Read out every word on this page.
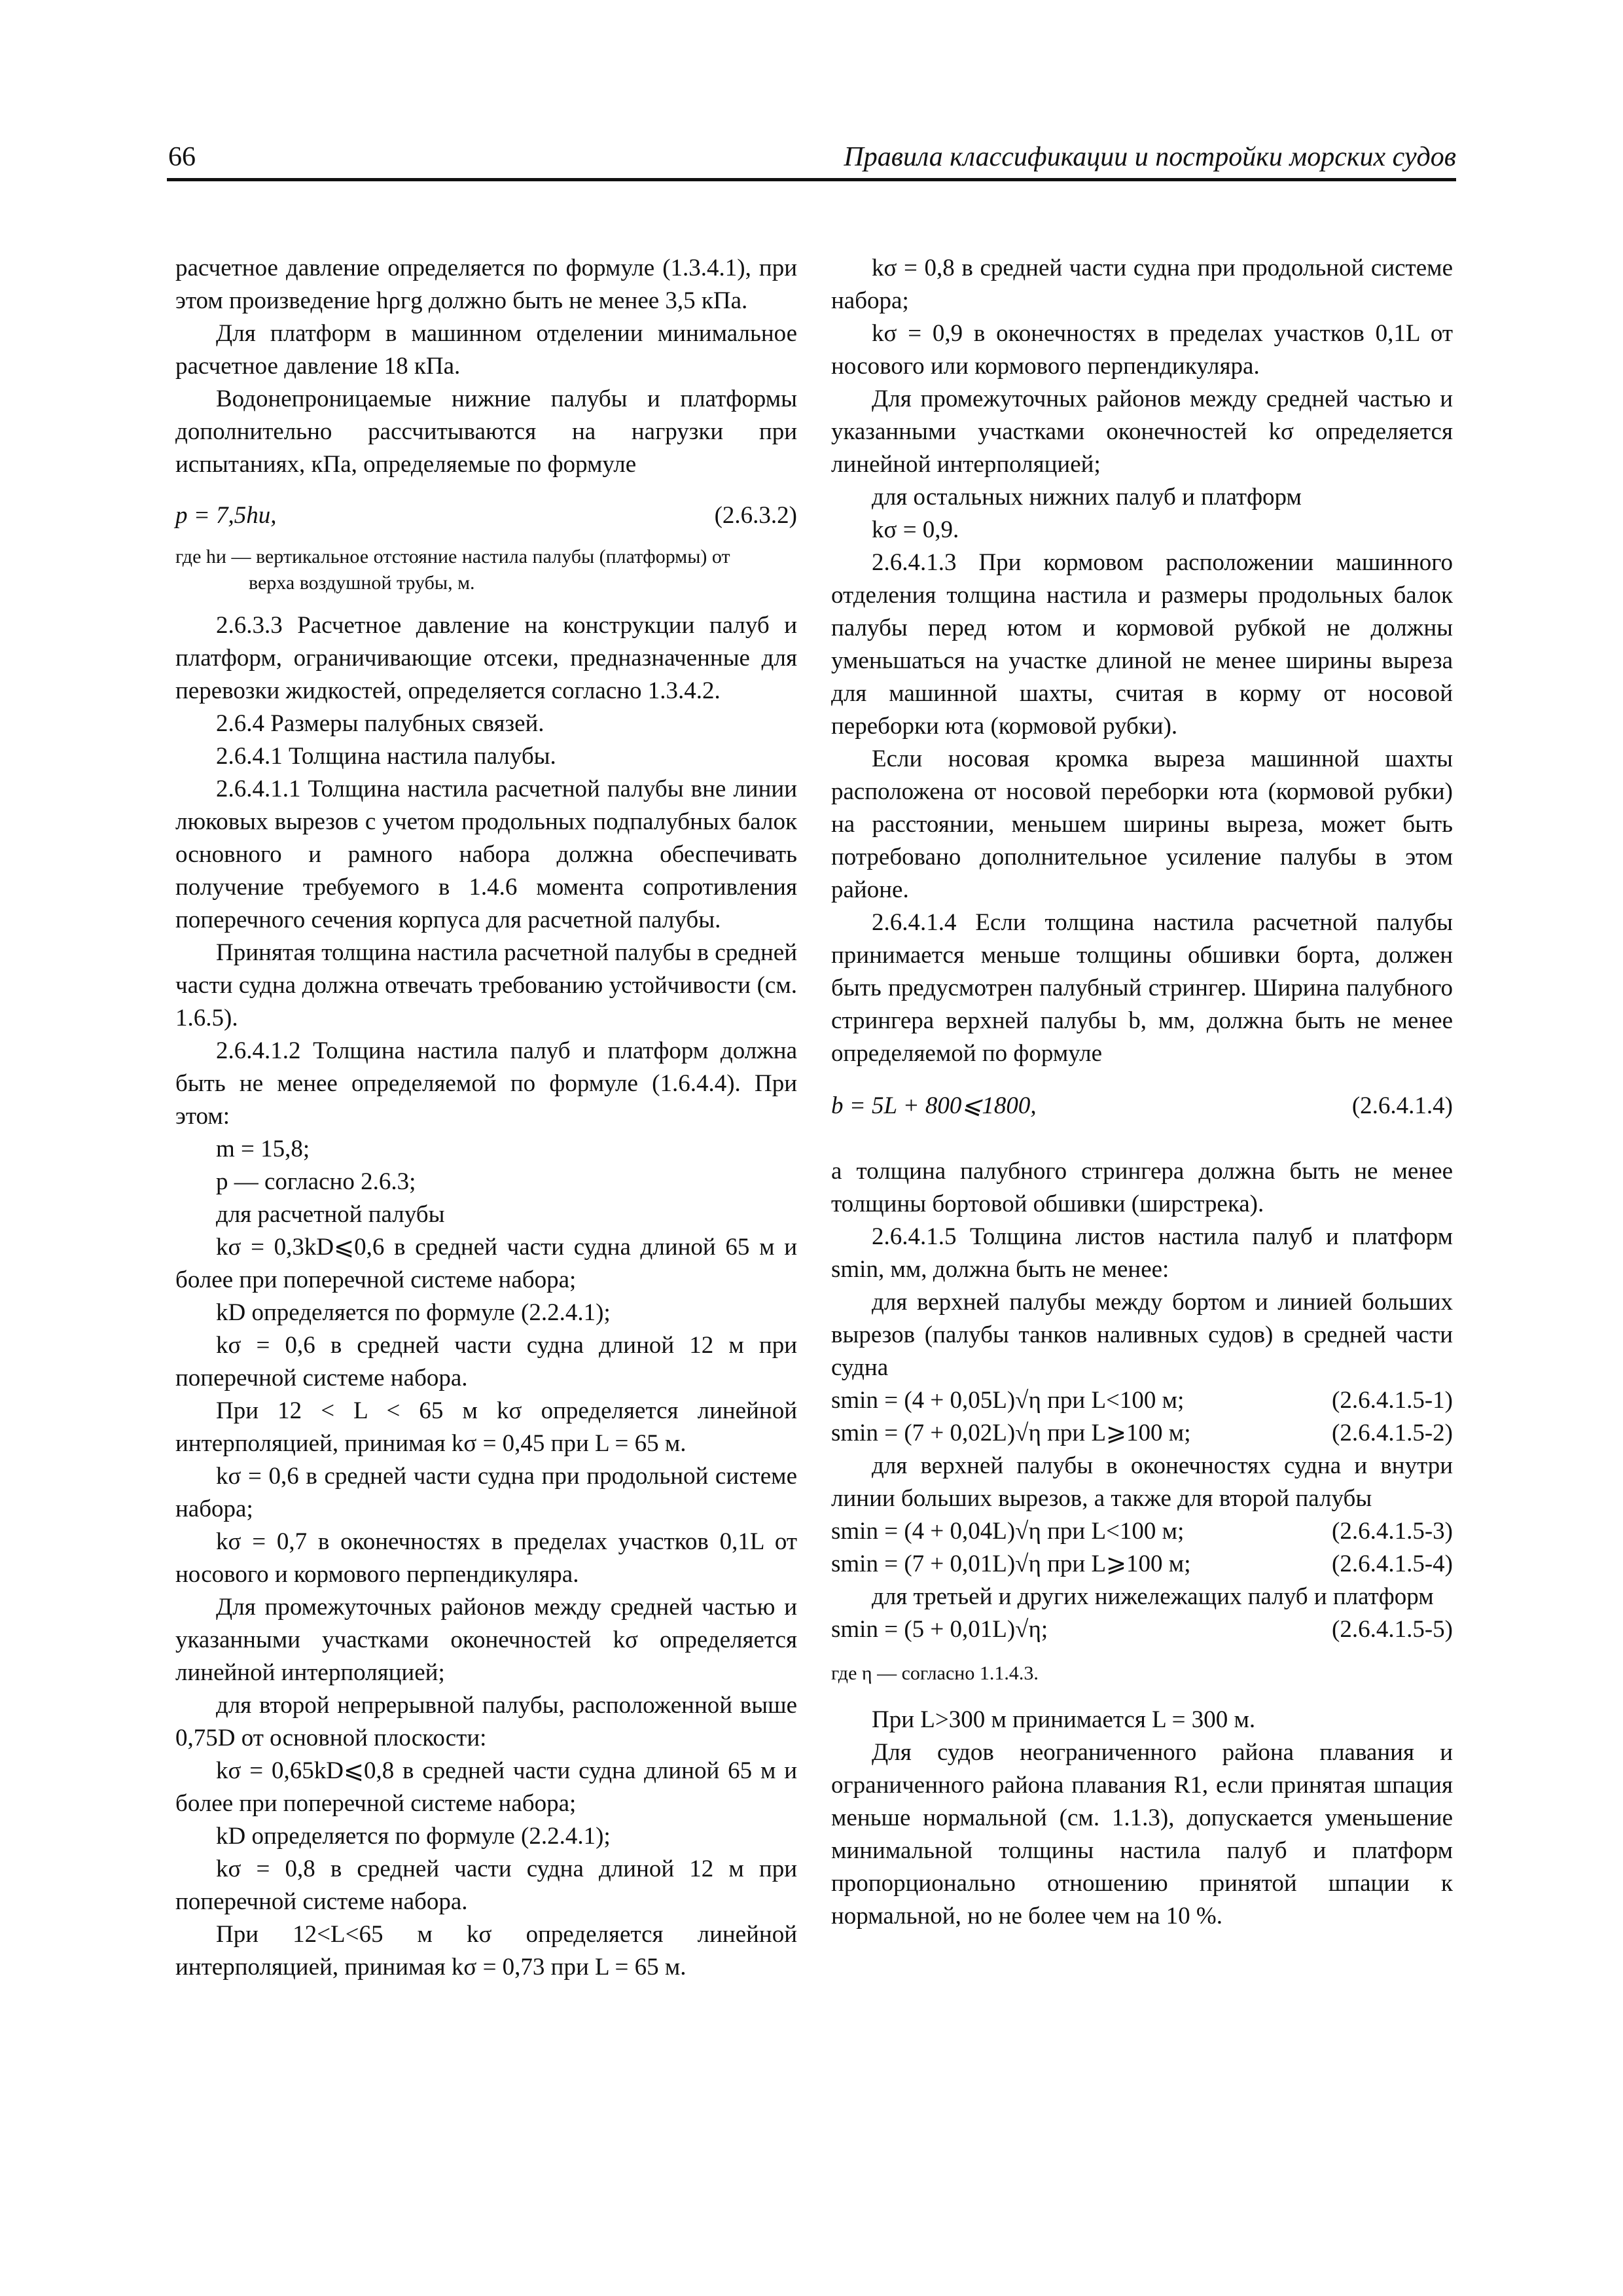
66	Правила классификации и постройки морских судов

расчетное давление определяется по формуле (1.3.4.1), при этом произведение hρгg должно быть не менее 3,5 кПа.

Для платформ в машинном отделении минимальное расчетное давление 18 кПа.

Водонепроницаемые нижние палубы и платформы дополнительно рассчитываются на нагрузки при испытаниях, кПа, определяемые по формуле

p = 7,5hи,	(2.6.3.2)
где hи — вертикальное отстояние настила палубы (платформы) от
верха воздушной трубы, м.

2.6.3.3 Расчетное давление на конструкции палуб и платформ, ограничивающие отсеки, предназначенные для перевозки жидкостей, определяется согласно 1.3.4.2.

2.6.4 Размеры палубных связей.

2.6.4.1 Толщина настила палубы.

2.6.4.1.1 Толщина настила расчетной палубы вне линии люковых вырезов с учетом продольных подпалубных балок основного и рамного набора должна обеспечивать получение требуемого в 1.4.6 момента сопротивления поперечного сечения корпуса для расчетной палубы.

Принятая толщина настила расчетной палубы в средней части судна должна отвечать требованию устойчивости (см. 1.6.5).

2.6.4.1.2 Толщина настила палуб и платформ должна быть не менее определяемой по формуле (1.6.4.4). При этом:

m = 15,8;

p — согласно 2.6.3;

для расчетной палубы

kσ = 0,3kD⩽0,6 в средней части судна длиной 65 м и более при поперечной системе набора;

kD определяется по формуле (2.2.4.1);

kσ = 0,6 в средней части судна длиной 12 м при поперечной системе набора.

При 12 < L < 65 м kσ определяется линейной интерполяцией, принимая kσ = 0,45 при L = 65 м.

kσ = 0,6 в средней части судна при продольной системе набора;

kσ = 0,7 в оконечностях в пределах участков 0,1L от носового и кормового перпендикуляра.

Для промежуточных районов между средней частью и указанными участками оконечностей kσ определяется линейной интерполяцией;

для второй непрерывной палубы, расположенной выше 0,75D от основной плоскости:

kσ = 0,65kD⩽0,8 в средней части судна длиной 65 м и более при поперечной системе набора;

kD определяется по формуле (2.2.4.1);

kσ = 0,8 в средней части судна длиной 12 м при поперечной системе набора.

При 12<L<65 м kσ определяется линейной интерполяцией, принимая kσ = 0,73 при L = 65 м.

kσ = 0,8 в средней части судна при продольной системе набора;

kσ = 0,9 в оконечностях в пределах участков 0,1L от носового или кормового перпендикуляра.

Для промежуточных районов между средней частью и указанными участками оконечностей kσ определяется линейной интерполяцией;

для остальных нижних палуб и платформ

kσ = 0,9.

2.6.4.1.3 При кормовом расположении машинного отделения толщина настила и размеры продольных балок палубы перед ютом и кормовой рубкой не должны уменьшаться на участке длиной не менее ширины выреза для машинной шахты, считая в корму от носовой переборки юта (кормовой рубки).

Если носовая кромка выреза машинной шахты расположена от носовой переборки юта (кормовой рубки) на расстоянии, меньшем ширины выреза, может быть потребовано дополнительное усиление палубы в этом районе.

2.6.4.1.4 Если толщина настила расчетной палубы принимается меньше толщины обшивки борта, должен быть предусмотрен палубный стрингер. Ширина палубного стрингера верхней палубы b, мм, должна быть не менее определяемой по формуле

b = 5L + 800⩽1800,	(2.6.4.1.4)

а толщина палубного стрингера должна быть не менее толщины бортовой обшивки (ширстрека).

2.6.4.1.5 Толщина листов настила палуб и платформ smin, мм, должна быть не менее:

для верхней палубы между бортом и линией больших вырезов (палубы танков наливных судов) в средней части судна

smin = (4 + 0,05L)√η при L<100 м;	(2.6.4.1.5-1)
smin = (7 + 0,02L)√η при L⩾100 м;	(2.6.4.1.5-2)

для верхней палубы в оконечностях судна и внутри линии больших вырезов, а также для второй палубы

smin = (4 + 0,04L)√η при L<100 м;	(2.6.4.1.5-3)
smin = (7 + 0,01L)√η при L⩾100 м;	(2.6.4.1.5-4)

для третьей и других нижележащих палуб и платформ

smin = (5 + 0,01L)√η;	(2.6.4.1.5-5)
где η — согласно 1.1.4.3.

При L>300 м принимается L = 300 м.

Для судов неограниченного района плавания и ограниченного района плавания R1, если принятая шпация меньше нормальной (см. 1.1.3), допускается уменьшение минимальной толщины настила палуб и платформ пропорционально отношению принятой шпации к нормальной, но не более чем на 10 %.
